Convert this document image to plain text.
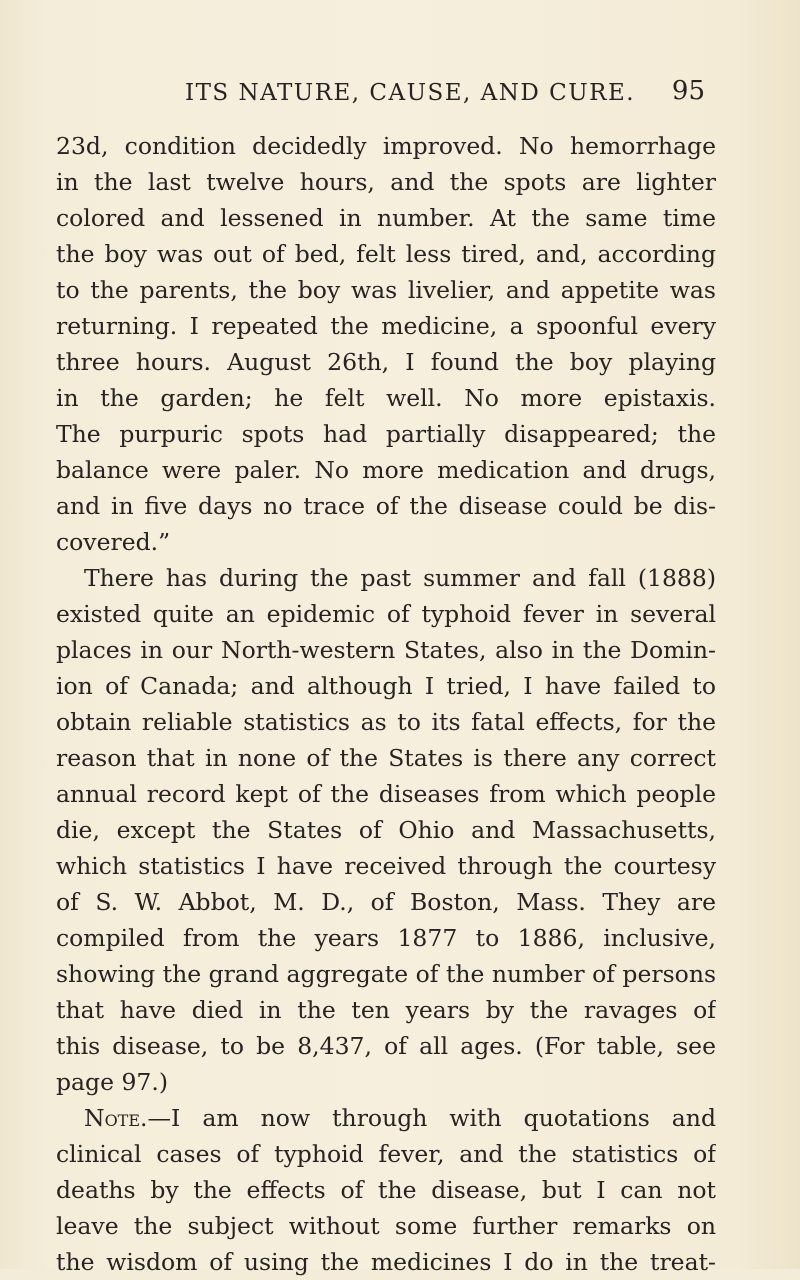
ITS NATURE, CAUSE, AND CURE. 95
23d, condition decidedly improved. No hemorrhage
in the last twelve hours, and the spots are lighter
colored and lessened in number. At the same time
the boy was out of bed, felt less tired, and, according
to the parents, the boy was livelier, and appetite was
returning. I repeated the medicine, a spoonful every
three hours. August 26th, I found the boy playing
in the garden; he felt well. No more epistaxis.
The purpuric spots had partially disappeared; the
balance were paler. No more medication and drugs,
and in five days no trace of the disease could be dis-
covered.”
There has during the past summer and fall (1888)
existed quite an epidemic of typhoid fever in several
places in our North-western States, also in the Domin-
ion of Canada; and although I tried, I have failed to
obtain reliable statistics as to its fatal effects, for the
reason that in none of the States is there any correct
annual record kept of the diseases from which people
die, except the States of Ohio and Massachusetts,
which statistics I have received through the courtesy
of S. W. Abbot, M. D., of Boston, Mass. They are
compiled from the years 1877 to 1886, inclusive,
showing the grand aggregate of the number of persons
that have died in the ten years by the ravages of
this disease, to be 8,437, of all ages. (For table, see
page 97.)
Note.—I am now through with quotations and
clinical cases of typhoid fever, and the statistics of
deaths by the effects of the disease, but I can not
leave the subject without some further remarks on
the wisdom of using the medicines I do in the treat-
